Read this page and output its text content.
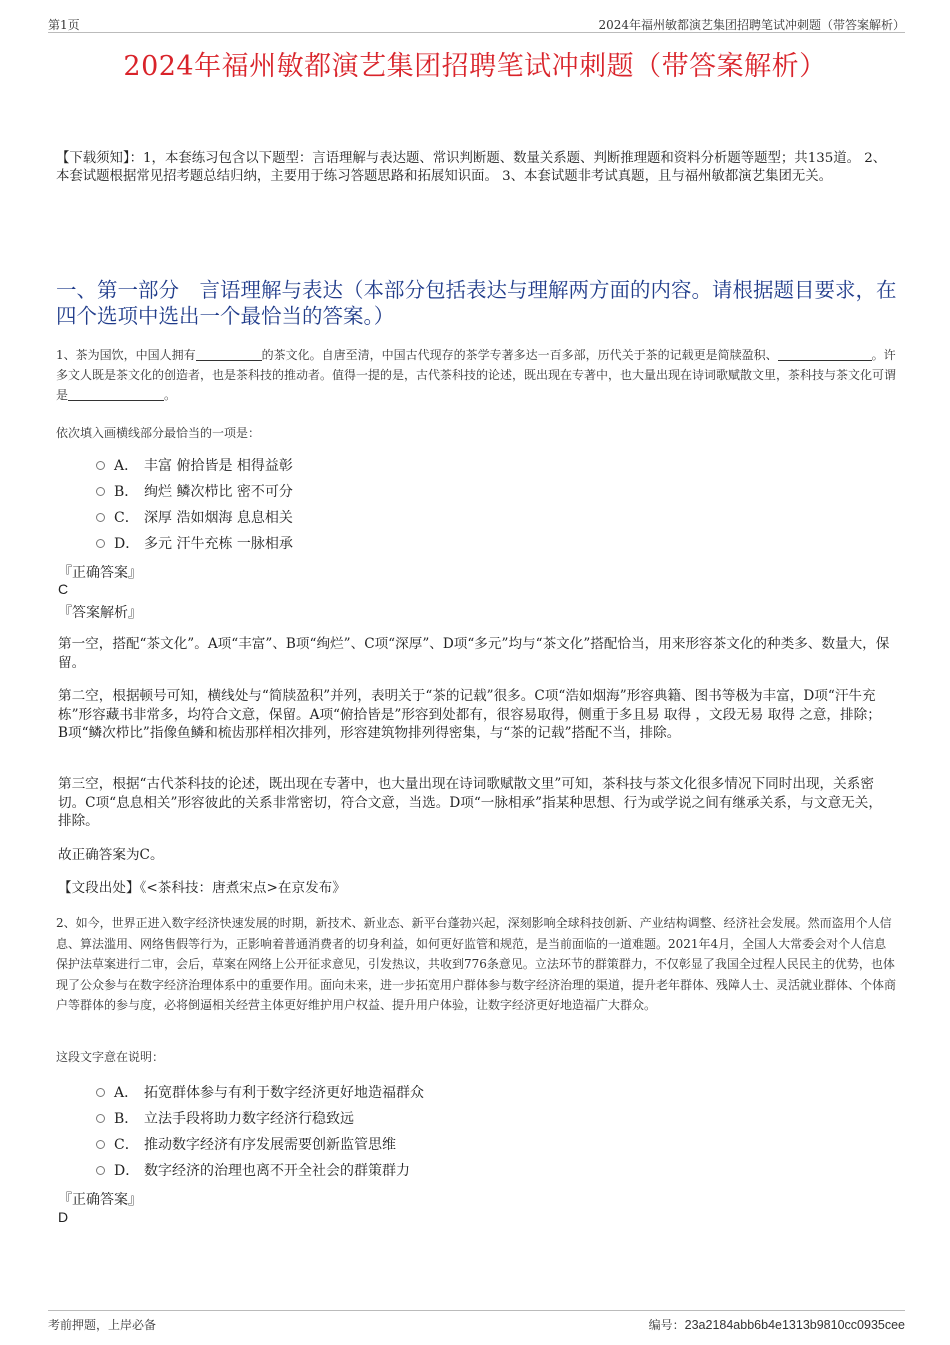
第1页	2024年福州敏都演艺集团招聘笔试冲刺题（带答案解析）
2024年福州敏都演艺集团招聘笔试冲刺题（带答案解析）
【下载须知】：1，本套练习包含以下题型：言语理解与表达题、常识判断题、数量关系题、判断推理题和资料分析题等题型；共135道。 2、本套试题根据常见招考题总结归纳，主要用于练习答题思路和拓展知识面。 3、本套试题非考试真题，且与福州敏都演艺集团无关。
一、第一部分　言语理解与表达（本部分包括表达与理解两方面的内容。请根据题目要求，在四个选项中选出一个最恰当的答案。）
1、茶为国饮，中国人拥有	的茶文化。自唐至清，中国古代现存的茶学专著多达一百多部，历代关于茶的记载更是简牍盈积、	。许多文人既是茶文化的创造者，也是茶科技的推动者。值得一提的是，古代茶科技的论述，既出现在专著中，也大量出现在诗词歌赋散文里，茶科技与茶文化可谓是	。
依次填入画横线部分最恰当的一项是：
A． 丰富 俯拾皆是 相得益彰
B． 绚烂 鳞次栉比 密不可分
C． 深厚 浩如烟海 息息相关
D． 多元 汗牛充栋 一脉相承
『正确答案』
C
『答案解析』
第一空，搭配“茶文化”。A项“丰富”、B项“绚烂”、C项“深厚”、D项“多元”均与“茶文化”搭配恰当，用来形容茶文化的种类多、数量大，保留。
第二空，根据顿号可知，横线处与“简牍盈积”并列，表明关于“茶的记载”很多。C项“浩如烟海”形容典籍、图书等极为丰富，D项“汗牛充栋”形容藏书非常多，均符合文意，保留。A项“俯拾皆是”形容到处都有，很容易取得，侧重于多且易 取得 ，文段无易 取得 之意，排除；B项“鳞次栉比”指像鱼鳞和梳齿那样相次排列，形容建筑物排列得密集，与“茶的记载”搭配不当，排除。
第三空，根据“古代茶科技的论述，既出现在专著中，也大量出现在诗词歌赋散文里”可知，茶科技与茶文化很多情况下同时出现，关系密切。C项“息息相关”形容彼此的关系非常密切，符合文意，当选。D项“一脉相承”指某种思想、行为或学说之间有继承关系，与文意无关，排除。
故正确答案为C。
【文段出处】《<茶科技：唐煮宋点>在京发布》
2、如今，世界正进入数字经济快速发展的时期，新技术、新业态、新平台蓬勃兴起，深刻影响全球科技创新、产业结构调整、经济社会发展。然而盗用个人信息、算法滥用、网络售假等行为，正影响着普通消费者的切身利益，如何更好监管和规范，是当前面临的一道难题。2021年4月，全国人大常委会对个人信息保护法草案进行二审，会后，草案在网络上公开征求意见，引发热议，共收到776条意见。立法环节的群策群力，不仅彰显了我国全过程人民民主的优势，也体现了公众参与在数字经济治理体系中的重要作用。面向未来，进一步拓宽用户群体参与数字经济治理的渠道，提升老年群体、残障人士、灵活就业群体、个体商户等群体的参与度，必将倒逼相关经营主体更好维护用户权益、提升用户体验，让数字经济更好地造福广大群众。
这段文字意在说明：
A． 拓宽群体参与有利于数字经济更好地造福群众
B． 立法手段将助力数字经济行稳致远
C． 推动数字经济有序发展需要创新监管思维
D． 数字经济的治理也离不开全社会的群策群力
『正确答案』
D
考前押题，上岸必备	编号：23a2184abb6b4e1313b9810cc0935cee
